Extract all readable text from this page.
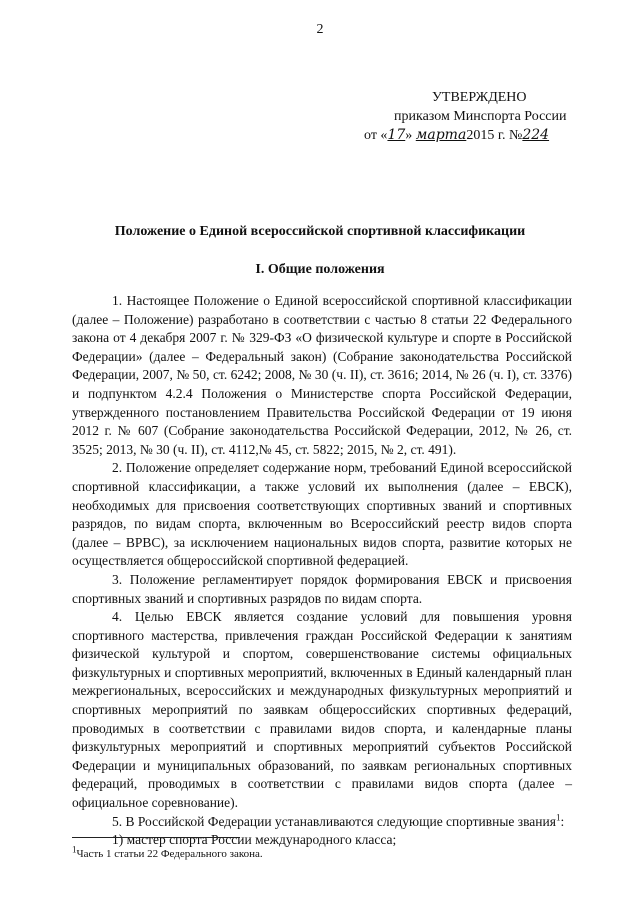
2
УТВЕРЖДЕНО
приказом Минспорта России
от «17» марта2015 г. №224
Положение о Единой всероссийской спортивной классификации
I. Общие положения

1. Настоящее Положение о Единой всероссийской спортивной классификации (далее – Положение) разработано в соответствии с частью 8 статьи 22 Федерального закона от 4 декабря 2007 г. № 329-ФЗ «О физической культуре и спорте в Российской Федерации» (далее – Федеральный закон) (Собрание законодательства Российской Федерации, 2007, № 50, ст. 6242; 2008, № 30 (ч. II), ст. 3616; 2014, № 26 (ч. I), ст. 3376) и подпунктом 4.2.4 Положения о Министерстве спорта Российской Федерации, утвержденного постановлением Правительства Российской Федерации от 19 июня 2012 г. № 607 (Собрание законодательства Российской Федерации, 2012, № 26, ст. 3525; 2013, № 30 (ч. II), ст. 4112,№ 45, ст. 5822; 2015, № 2, ст. 491).

2. Положение определяет содержание норм, требований Единой всероссийской спортивной классификации, а также условий их выполнения (далее – ЕВСК), необходимых для присвоения соответствующих спортивных званий и спортивных разрядов, по видам спорта, включенным во Всероссийский реестр видов спорта (далее – ВРВС), за исключением национальных видов спорта, развитие которых не осуществляется общероссийской спортивной федерацией.

3. Положение регламентирует порядок формирования ЕВСК и присвоения спортивных званий и спортивных разрядов по видам спорта.

4. Целью ЕВСК является создание условий для повышения уровня спортивного мастерства, привлечения граждан Российской Федерации к занятиям физической культурой и спортом, совершенствование системы официальных физкультурных и спортивных мероприятий, включенных в Единый календарный план межрегиональных, всероссийских и международных физкультурных мероприятий и спортивных мероприятий по заявкам общероссийских спортивных федераций, проводимых в соответствии с правилами видов спорта, и календарные планы физкультурных мероприятий и спортивных мероприятий субъектов Российской Федерации и муниципальных образований, по заявкам региональных спортивных федераций, проводимых в соответствии с правилами видов спорта (далее – официальное соревнование).

5. В Российской Федерации устанавливаются следующие спортивные звания$^1$:

1) мастер спорта России международного класса;

$^1$Часть 1 статьи 22 Федерального закона.
